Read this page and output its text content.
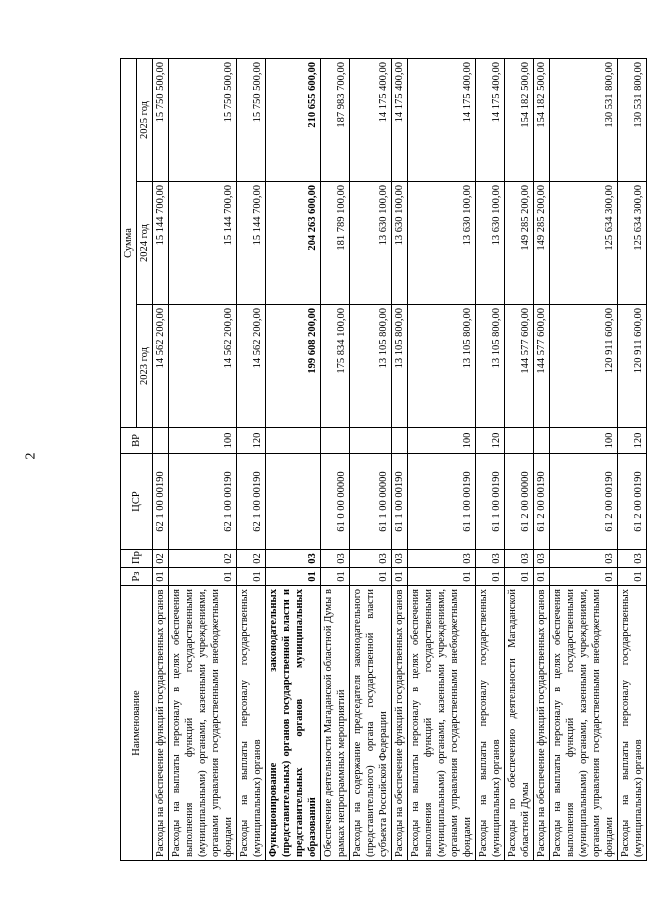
2
Наименование	Рз	Пр	ЦСР	ВР	Сумма		
					2023 год	2024 год	2025 год
Расходы на обеспечение функций государственных органов	01	02	62 1 00 00190		14 562 200,00	15 144 700,00	15 750 500,00
Расходы на выплаты персоналу в целях обеспечения выполнения функций государственными (муниципальными) органами, казенными учреждениями, органами управления государственными внебюджетными фондами	01	02	62 1 00 00190	100	14 562 200,00	15 144 700,00	15 750 500,00
Расходы на выплаты персоналу государственных (муниципальных) органов	01	02	62 1 00 00190	120	14 562 200,00	15 144 700,00	15 750 500,00
Функционирование законодательных (представительных) органов государственной власти и представительных органов муниципальных образований	01	03			199 608 200,00	204 263 600,00	210 655 600,00
Обеспечение деятельности Магаданской областной Думы в рамках непрограммных мероприятий	01	03	61 0 00 00000		175 834 100,00	181 789 100,00	187 983 700,00
Расходы на содержание председателя законодательного (представительного) органа государственной власти субъекта Российской Федерации	01	03	61 1 00 00000		13 105 800,00	13 630 100,00	14 175 400,00
Расходы на обеспечение функций государственных органов	01	03	61 1 00 00190		13 105 800,00	13 630 100,00	14 175 400,00
Расходы на выплаты персоналу в целях обеспечения выполнения функций государственными (муниципальными) органами, казенными учреждениями, органами управления государственными внебюджетными фондами	01	03	61 1 00 00190	100	13 105 800,00	13 630 100,00	14 175 400,00
Расходы на выплаты персоналу государственных (муниципальных) органов	01	03	61 1 00 00190	120	13 105 800,00	13 630 100,00	14 175 400,00
Расходы по обеспечению деятельности Магаданской областной Думы	01	03	61 2 00 00000		144 577 600,00	149 285 200,00	154 182 500,00
Расходы на обеспечение функций государственных органов	01	03	61 2 00 00190		144 577 600,00	149 285 200,00	154 182 500,00
Расходы на выплаты персоналу в целях обеспечения выполнения функций государственными (муниципальными) органами, казенными учреждениями, органами управления государственными внебюджетными фондами	01	03	61 2 00 00190	100	120 911 600,00	125 634 300,00	130 531 800,00
Расходы на выплаты персоналу государственных (муниципальных) органов	01	03	61 2 00 00190	120	120 911 600,00	125 634 300,00	130 531 800,00
